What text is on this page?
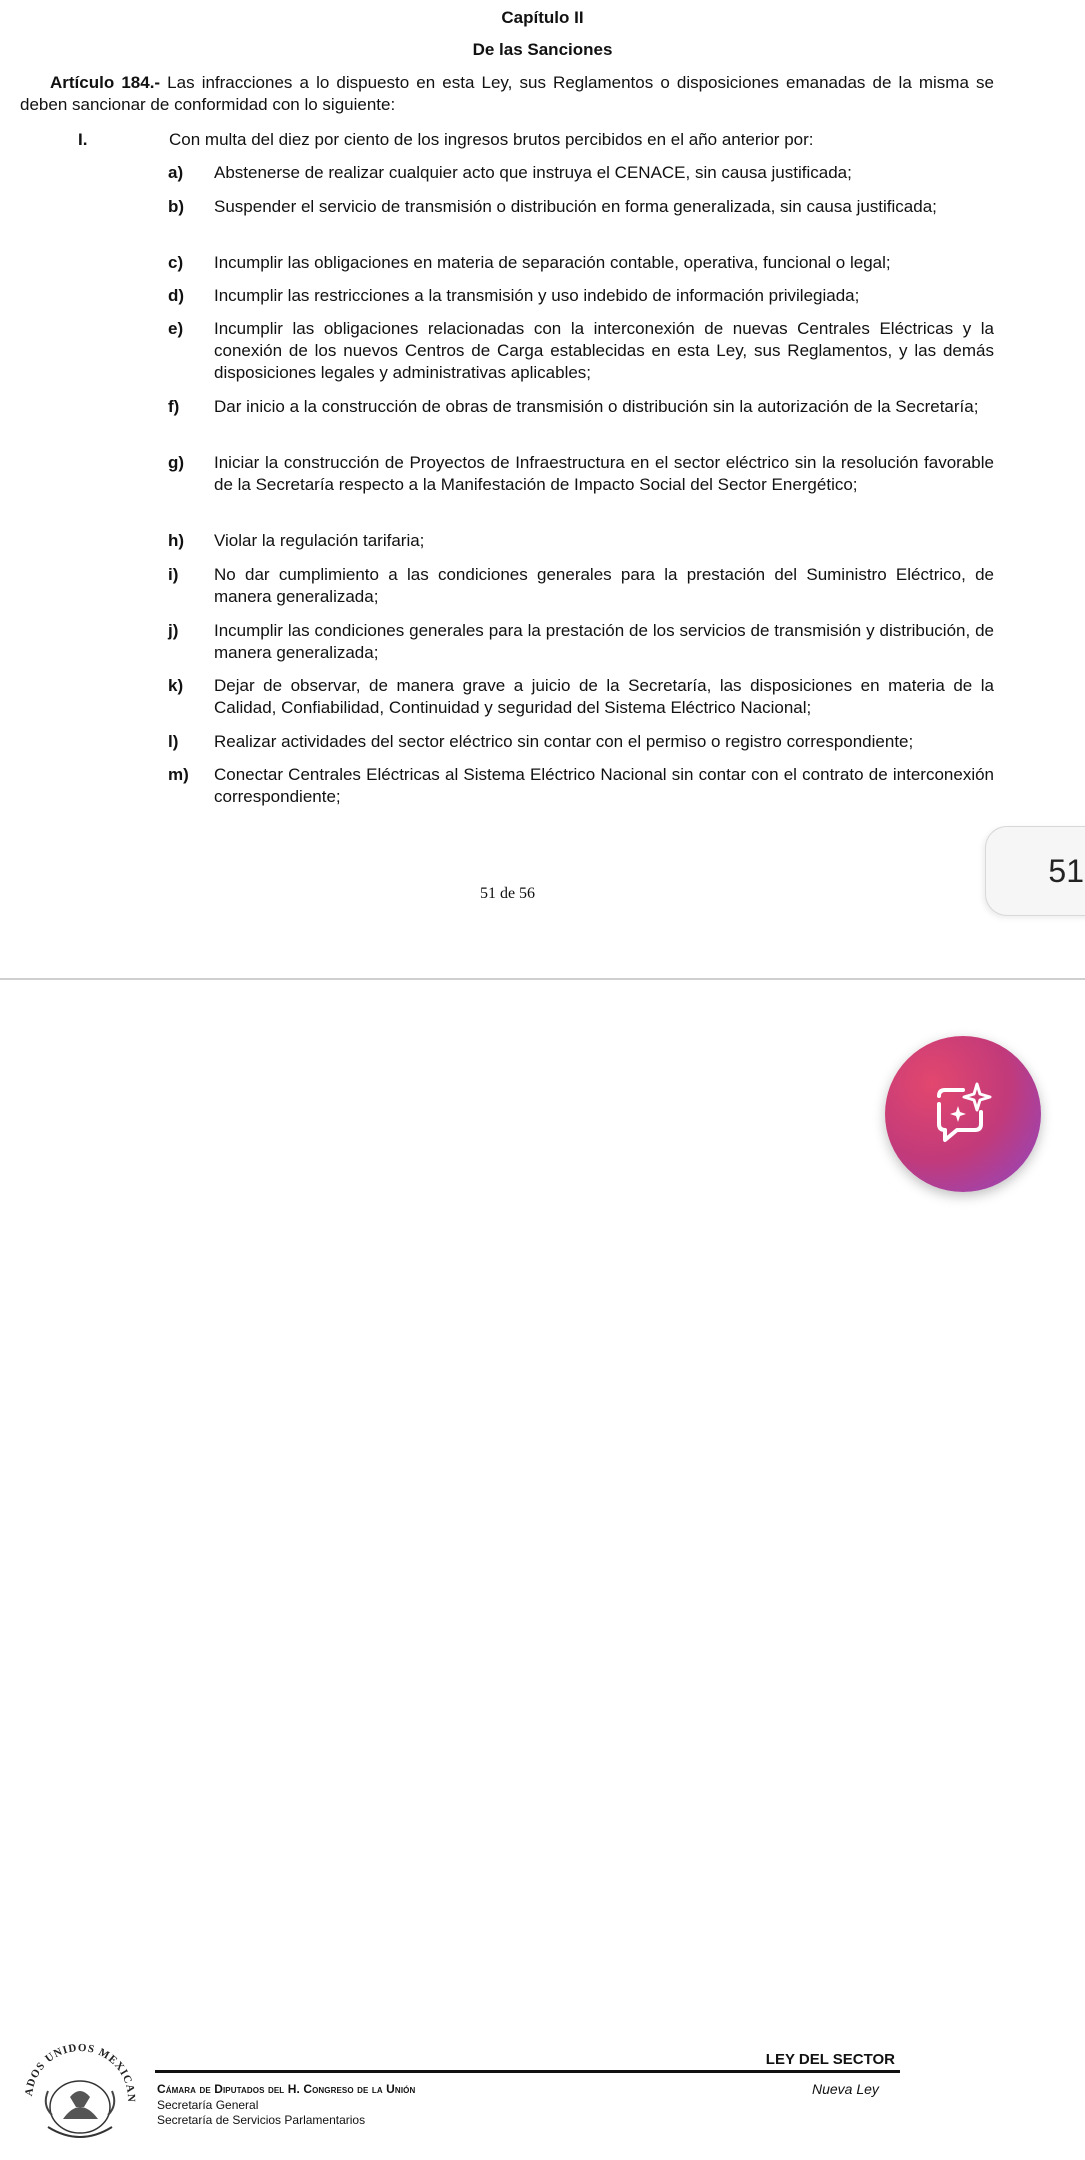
Capítulo II
De las Sanciones
Artículo 184.- Las infracciones a lo dispuesto en esta Ley, sus Reglamentos o disposiciones emanadas de la misma se deben sancionar de conformidad con lo siguiente:
I.	Con multa del diez por ciento de los ingresos brutos percibidos en el año anterior por:
a) Abstenerse de realizar cualquier acto que instruya el CENACE, sin causa justificada;
b) Suspender el servicio de transmisión o distribución en forma generalizada, sin causa justificada;
c) Incumplir las obligaciones en materia de separación contable, operativa, funcional o legal;
d) Incumplir las restricciones a la transmisión y uso indebido de información privilegiada;
e) Incumplir las obligaciones relacionadas con la interconexión de nuevas Centrales Eléctricas y la conexión de los nuevos Centros de Carga establecidas en esta Ley, sus Reglamentos, y las demás disposiciones legales y administrativas aplicables;
f) Dar inicio a la construcción de obras de transmisión o distribución sin la autorización de la Secretaría;
g) Iniciar la construcción de Proyectos de Infraestructura en el sector eléctrico sin la resolución favorable de la Secretaría respecto a la Manifestación de Impacto Social del Sector Energético;
h) Violar la regulación tarifaria;
i) No dar cumplimiento a las condiciones generales para la prestación del Suministro Eléctrico, de manera generalizada;
j) Incumplir las condiciones generales para la prestación de los servicios de transmisión y distribución, de manera generalizada;
k) Dejar de observar, de manera grave a juicio de la Secretaría, las disposiciones en materia de la Calidad, Confiabilidad, Continuidad y seguridad del Sistema Eléctrico Nacional;
l) Realizar actividades del sector eléctrico sin contar con el permiso o registro correspondiente;
m) Conectar Centrales Eléctricas al Sistema Eléctrico Nacional sin contar con el contrato de interconexión correspondiente;
51 de 56
51
ADOS UNIDOS MEXICAN
LEY DEL SECTOR
Cámara de Diputados del H. Congreso de la Unión
Secretaría General
Secretaría de Servicios Parlamentarios
Nueva Ley
